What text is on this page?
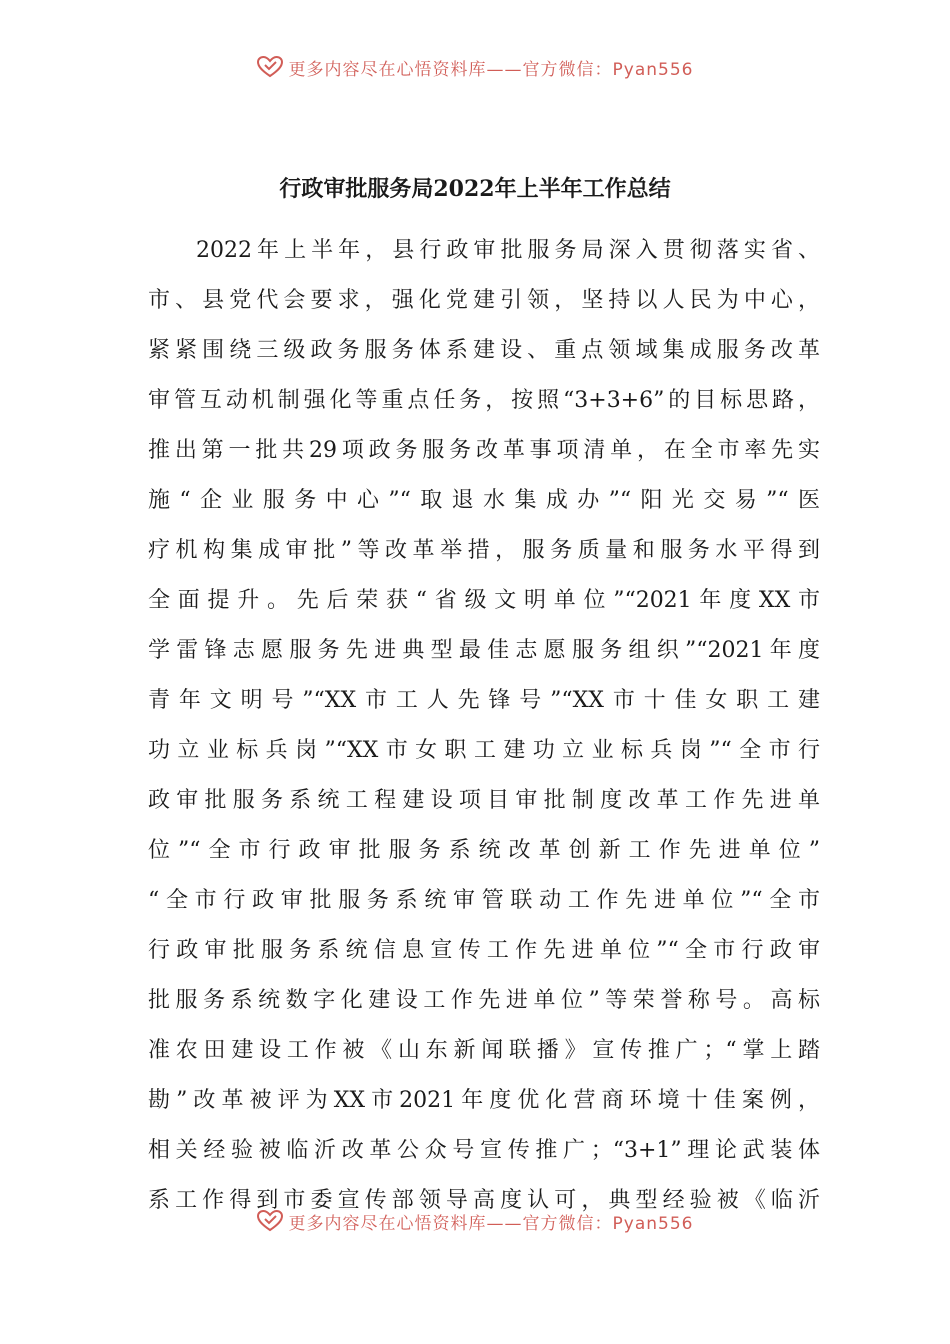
更多内容尽在心悟资料库——官方微信：Pyan556
行政审批服务局2022年上半年工作总结
2022年上半年，县行政审批服务局深入贯彻落实省、
市、县党代会要求，强化党建引领，坚持以人民为中心，
紧紧围绕三级政务服务体系建设、重点领域集成服务改革
审管互动机制强化等重点任务，按照“3+3+6”的目标思路，
推出第一批共29项政务服务改革事项清单，在全市率先实
施“企业服务中心”“取退水集成办”“阳光交易”“医
疗机构集成审批”等改革举措，服务质量和服务水平得到
全面提升。先后荣获“省级文明单位”“2021年度XX市
学雷锋志愿服务先进典型最佳志愿服务组织”“2021年度
青年文明号”“XX市工人先锋号”“XX市十佳女职工建
功立业标兵岗”“XX市女职工建功立业标兵岗”“全市行
政审批服务系统工程建设项目审批制度改革工作先进单
位”“全市行政审批服务系统改革创新工作先进单位”
“全市行政审批服务系统审管联动工作先进单位”“全市
行政审批服务系统信息宣传工作先进单位”“全市行政审
批服务系统数字化建设工作先进单位”等荣誉称号。高标
准农田建设工作被《山东新闻联播》宣传推广；“掌上踏
勘”改革被评为XX市2021年度优化营商环境十佳案例，
相关经验被临沂改革公众号宣传推广；“3+1”理论武装体
系工作得到市委宣传部领导高度认可，典型经验被《临沂
更多内容尽在心悟资料库——官方微信：Pyan556
